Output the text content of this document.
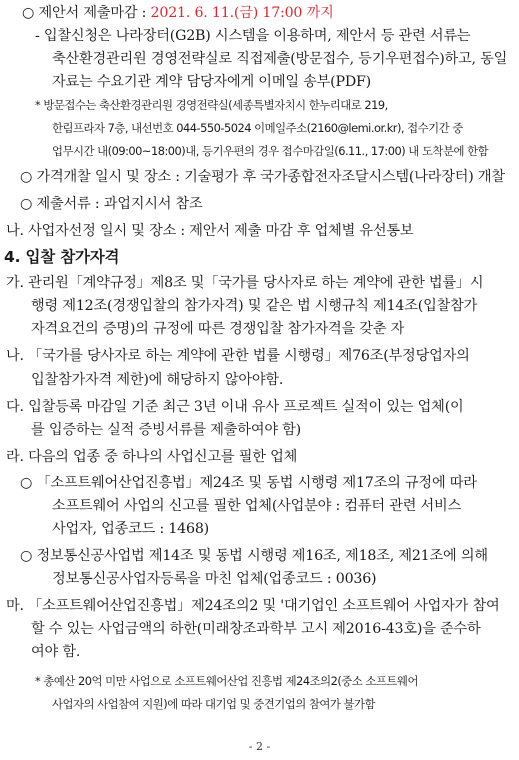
○ 제안서 제출마감 : 2021. 6. 11.(금) 17:00 까지
- 입찰신청은 나라장터(G2B) 시스템을 이용하며, 제안서 등 관련 서류는
축산환경관리원 경영전략실로 직접제출(방문접수, 등기우편접수)하고, 동일
자료는 수요기관 계약 담당자에게 이메일 송부(PDF)
* 방문접수는 축산환경관리원 경영전략실(세종특별자치시 한누리대로 219,
한림프라자 7층, 내선번호 044-550-5024 이메일주소(2160@lemi.or.kr), 접수기간 중
업무시간 내(09:00~18:00)내, 등기우편의 경우 접수마감일(6.11., 17:00) 내 도착분에 한함
○ 가격개찰 일시 및 장소 : 기술평가 후 국가종합전자조달시스템(나라장터) 개찰
○ 제출서류 : 과업지시서 참조
나. 사업자선정 일시 및 장소 : 제안서 제출 마감 후 업체별 유선통보
4. 입찰 참가자격
가. 관리원「계약규정」제8조 및「국가를 당사자로 하는 계약에 관한 법률」시
행령 제12조(경쟁입찰의 참가자격) 및 같은 법 시행규칙 제14조(입찰참가
자격요건의 증명)의 규정에 따른 경쟁입찰 참가자격을 갖춘 자
나. 「국가를 당사자로 하는 계약에 관한 법률 시행령」제76조(부정당업자의
입찰참가자격 제한)에 해당하지 않아야함.
다. 입찰등록 마감일 기준 최근 3년 이내 유사 프로젝트 실적이 있는 업체(이
를 입증하는 실적 증빙서류를 제출하여야 함)
라. 다음의 업종 중 하나의 사업신고를 필한 업체
○ 「소프트웨어산업진흥법」제24조 및 동법 시행령 제17조의 규정에 따라
소프트웨어 사업의 신고를 필한 업체(사업분야 : 컴퓨터 관련 서비스
사업자, 업종코드 : 1468)
○ 정보통신공사업법 제14조 및 동법 시행령 제16조, 제18조, 제21조에 의해
정보통신공사업자등록을 마친 업체(업종코드 : 0036)
마. 「소프트웨어산업진흥법」제24조의2 및 '대기업인 소프트웨어 사업자가 참여
할 수 있는 사업금액의 하한(미래창조과학부 고시 제2016-43호)을 준수하
여야 함.
* 총예산 20억 미만 사업으로 소프트웨어산업 진흥법 제24조의2(중소 소프트웨어
사업자의 사업참여 지원)에 따라 대기업 및 중견기업의 참여가 불가함
- 2 -
